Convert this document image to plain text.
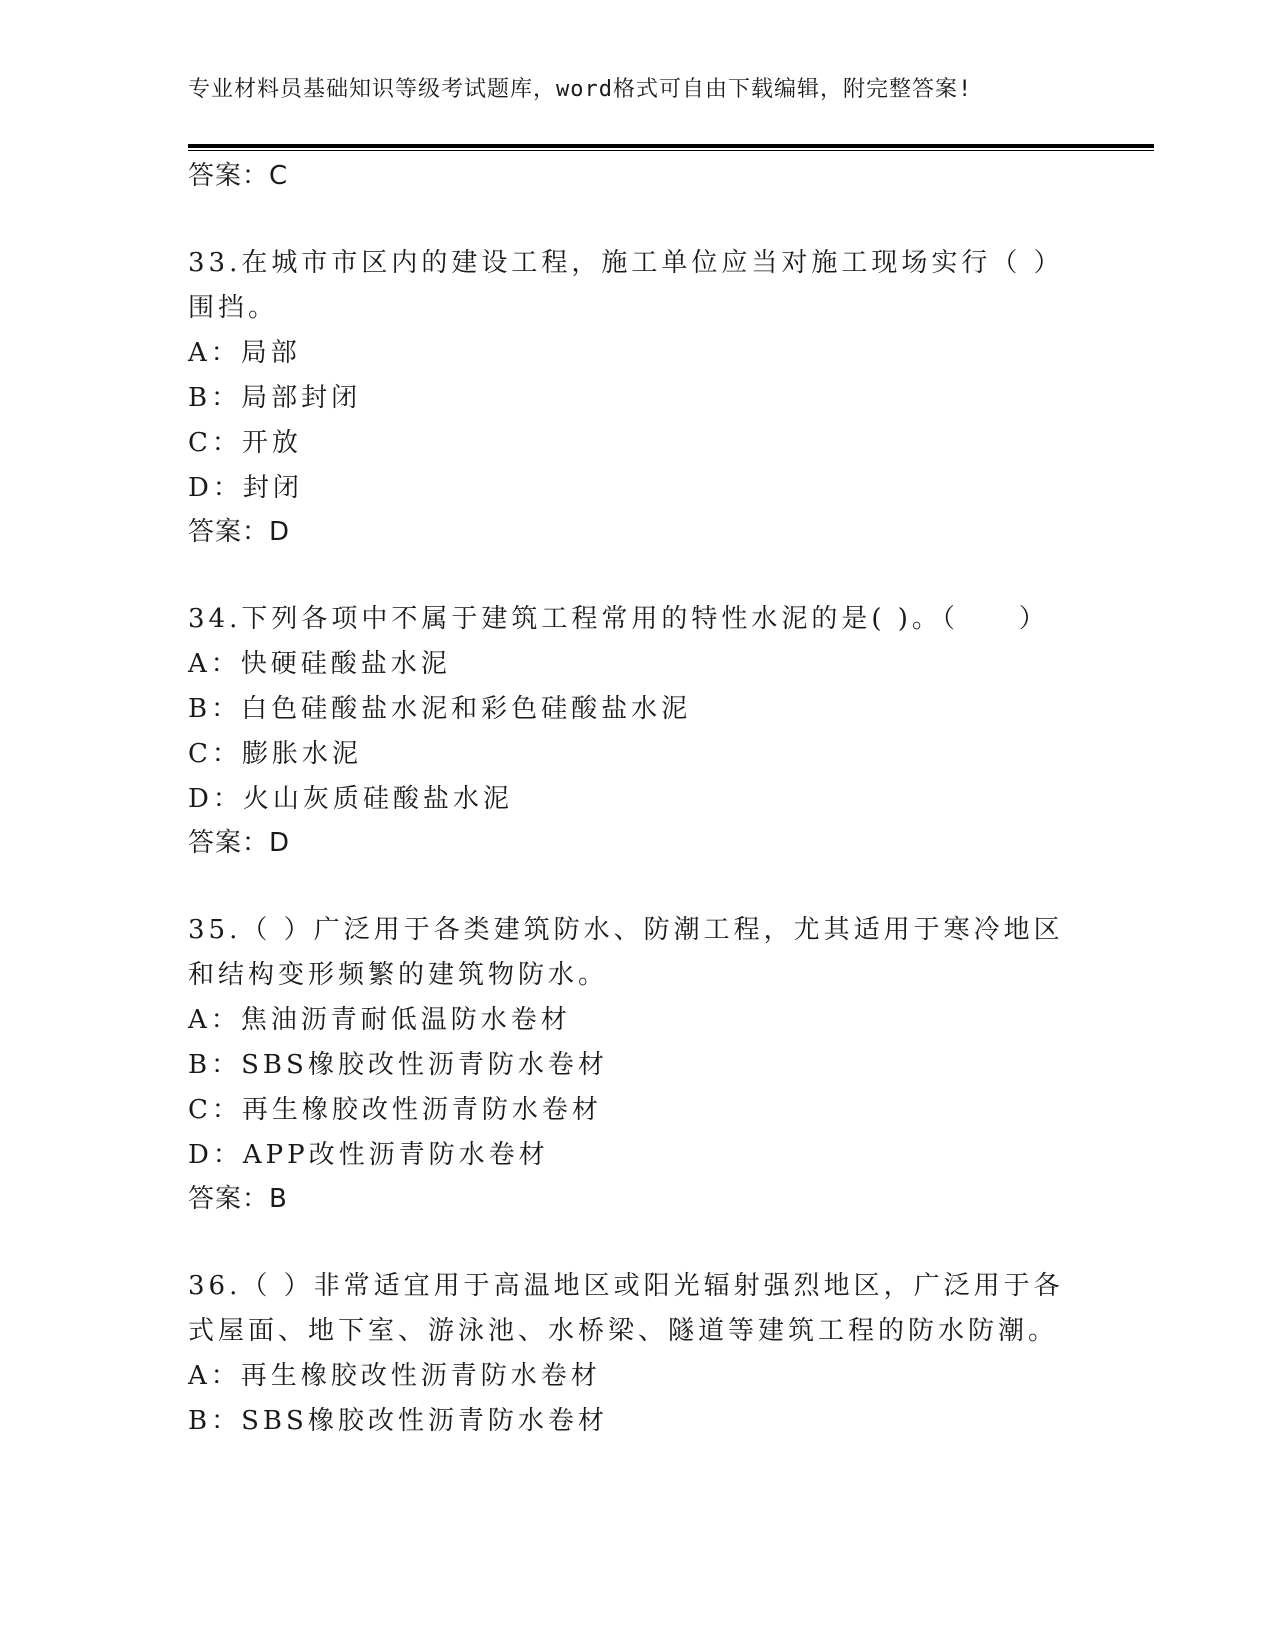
专业材料员基础知识等级考试题库，word格式可自由下载编辑，附完整答案!
答案：C
33.在城市市区内的建设工程，施工单位应当对施工现场实行（ ）围挡。
A：局部
B：局部封闭
C：开放
D：封闭
答案：D
34.下列各项中不属于建筑工程常用的特性水泥的是( )。（　　）
A：快硬硅酸盐水泥
B：白色硅酸盐水泥和彩色硅酸盐水泥
C：膨胀水泥
D：火山灰质硅酸盐水泥
答案：D
35.（ ）广泛用于各类建筑防水、防潮工程，尤其适用于寒冷地区和结构变形频繁的建筑物防水。
A：焦油沥青耐低温防水卷材
B：SBS橡胶改性沥青防水卷材
C：再生橡胶改性沥青防水卷材
D：APP改性沥青防水卷材
答案：B
36.（ ）非常适宜用于高温地区或阳光辐射强烈地区，广泛用于各式屋面、地下室、游泳池、水桥梁、隧道等建筑工程的防水防潮。
A：再生橡胶改性沥青防水卷材
B：SBS橡胶改性沥青防水卷材
